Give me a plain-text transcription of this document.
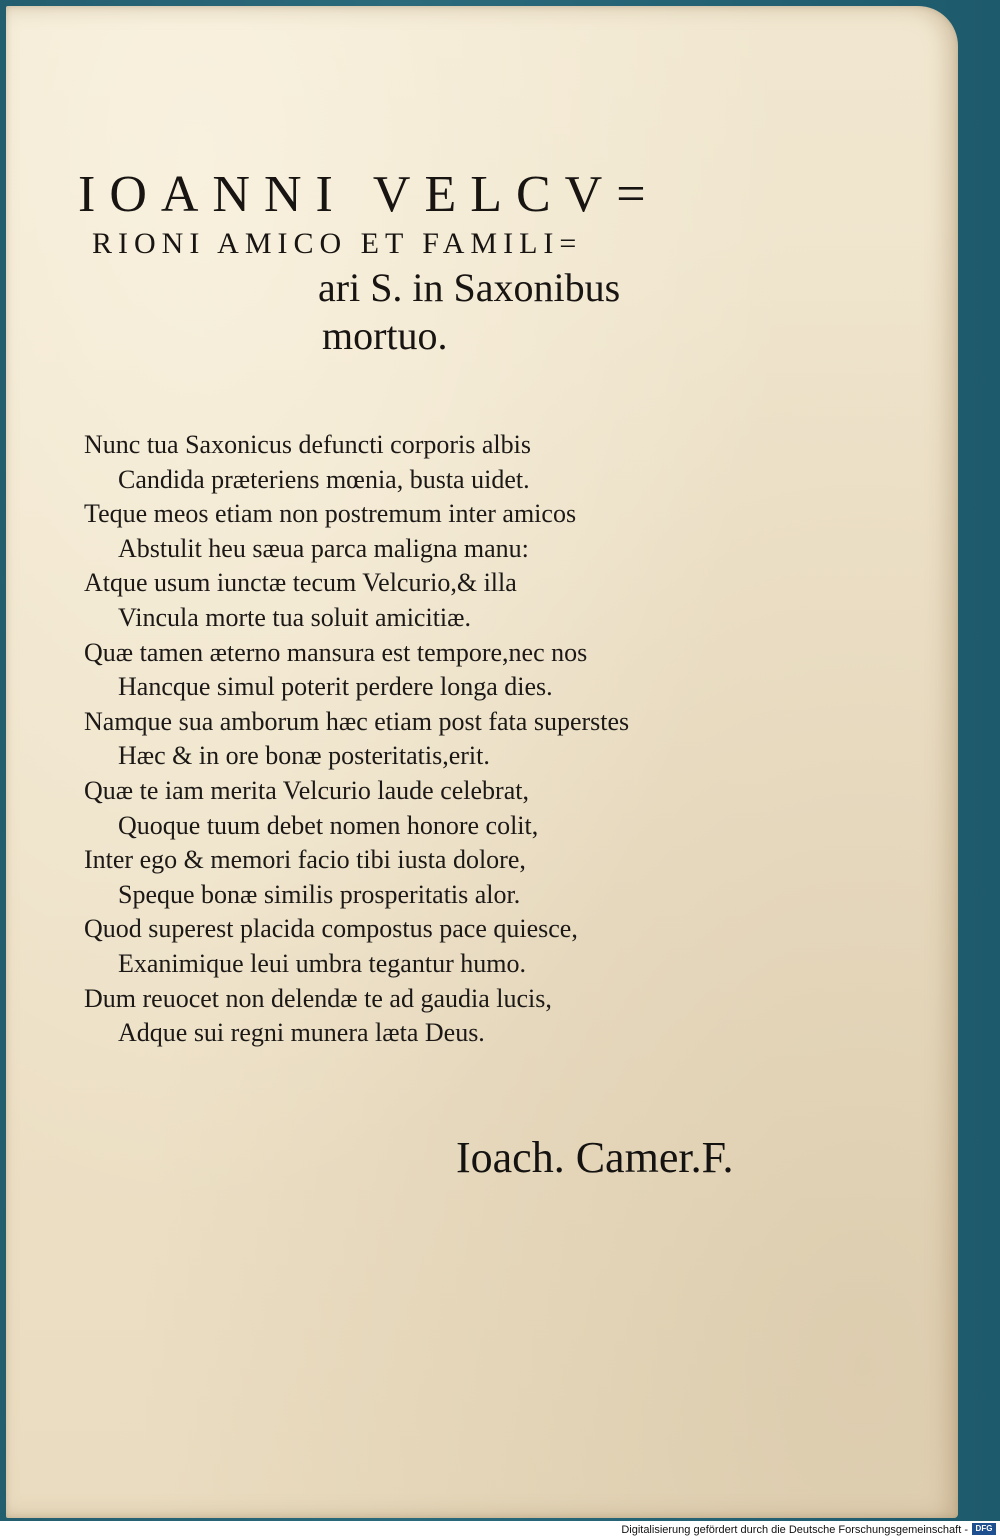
IOANNI VELCV=
RIONI AMICO ET FAMILI=
ari S. in Saxonibus
mortuo.
Nunc tua Saxonicus defuncti corporis albis
Candida præteriens mœnia, busta uidet.
Teque meos etiam non postremum inter amicos
Abstulit heu sæua parca maligna manu:
Atque usum iunctæ tecum Velcurio,& illa
Vincula morte tua soluit amicitiæ.
Quæ tamen æterno mansura est tempore,nec nos
Hancque simul poterit perdere longa dies.
Namque sua amborum hæc etiam post fata superstes
Hæc & in ore bonæ posteritatis,erit.
Quæ te iam merita Velcurio laude celebrat,
Quoque tuum debet nomen honore colit,
Inter ego & memori facio tibi iusta dolore,
Speque bonæ similis prosperitatis alor.
Quod superest placida compostus pace quiesce,
Exanimique leui umbra tegantur humo.
Dum reuocet non delendæ te ad gaudia lucis,
Adque sui regni munera læta Deus.
Ioach. Camer.F.
Digitalisierung gefördert durch die Deutsche Forschungsgemeinschaft - DFG
